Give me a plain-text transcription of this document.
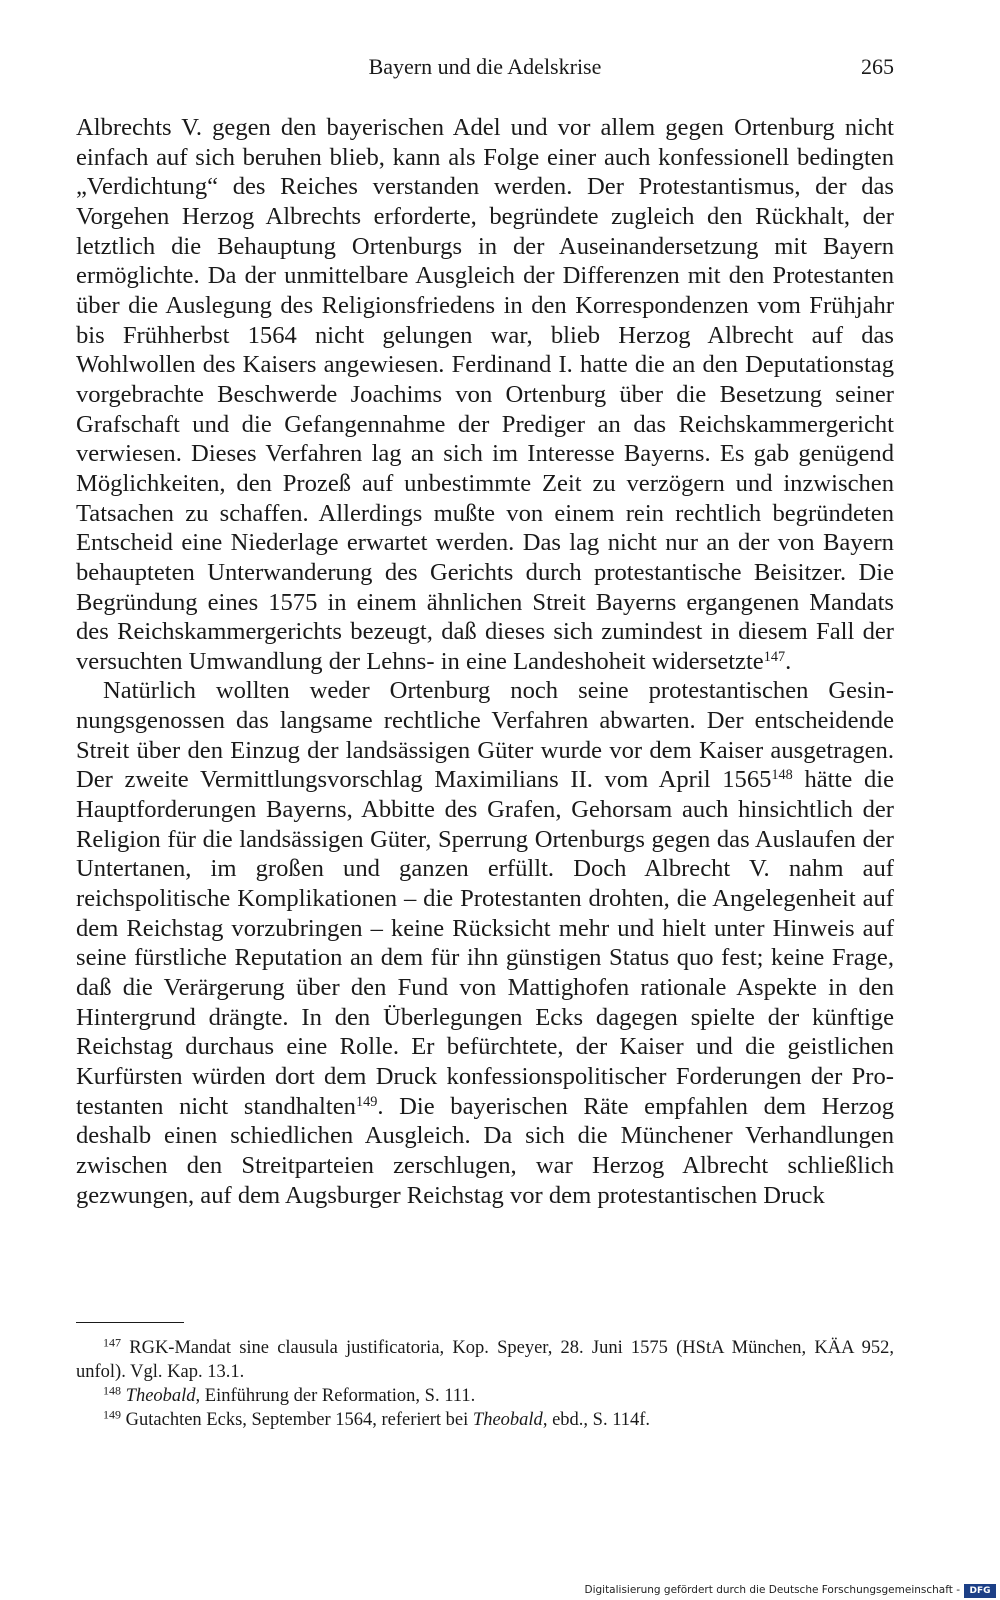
Bayern und die Adelskrise	265

Albrechts V. gegen den bayerischen Adel und vor allem gegen Ortenburg nicht einfach auf sich beruhen blieb, kann als Folge einer auch konfessionell bedingten „Verdichtung“ des Reiches verstanden werden. Der Protestantismus, der das Vorgehen Herzog Albrechts erforderte, begründete zugleich den Rückhalt, der letztlich die Behauptung Ortenburgs in der Auseinandersetzung mit Bayern ermöglichte. Da der unmittelbare Ausgleich der Differenzen mit den Protestanten über die Auslegung des Religionsfriedens in den Korrespondenzen vom Frühjahr bis Frühherbst 1564 nicht gelungen war, blieb Herzog Albrecht auf das Wohlwollen des Kaisers angewiesen. Ferdinand I. hatte die an den Deputationstag vorgebrachte Beschwerde Joachims von Ortenburg über die Besetzung seiner Grafschaft und die Gefangennahme der Prediger an das Reichskammergericht verwiesen. Dieses Verfahren lag an sich im Interesse Bayerns. Es gab genügend Möglichkeiten, den Prozeß auf unbestimmte Zeit zu verzögern und inzwischen Tatsachen zu schaffen. Allerdings mußte von einem rein rechtlich begründeten Entscheid eine Niederlage erwartet werden. Das lag nicht nur an der von Bayern behaupteten Unterwanderung des Gerichts durch protestantische Beisitzer. Die Begründung eines 1575 in einem ähnlichen Streit Bayerns ergangenen Mandats des Reichskammergerichts bezeugt, daß dieses sich zumindest in diesem Fall der versuchten Umwandlung der Lehns- in eine Landeshoheit widersetzte$^{147}$.

Natürlich wollten weder Ortenburg noch seine protestantischen Gesinnungsgenossen das langsame rechtliche Verfahren abwarten. Der entscheidende Streit über den Einzug der landsässigen Güter wurde vor dem Kaiser ausgetragen. Der zweite Vermittlungsvorschlag Maximilians II. vom April 1565$^{148}$ hätte die Hauptforderungen Bayerns, Abbitte des Grafen, Gehorsam auch hinsichtlich der Religion für die landsässigen Güter, Sperrung Ortenburgs gegen das Auslaufen der Untertanen, im großen und ganzen erfüllt. Doch Albrecht V. nahm auf reichspolitische Komplikationen – die Protestanten drohten, die Angelegenheit auf dem Reichstag vorzubringen – keine Rücksicht mehr und hielt unter Hinweis auf seine fürstliche Reputation an dem für ihn günstigen Status quo fest; keine Frage, daß die Verärgerung über den Fund von Mattighofen rationale Aspekte in den Hintergrund drängte. In den Überlegungen Ecks dagegen spielte der künftige Reichstag durchaus eine Rolle. Er befürchtete, der Kaiser und die geistlichen Kurfürsten würden dort dem Druck konfessionspolitischer Forderungen der Protestanten nicht standhalten$^{149}$. Die bayerischen Räte empfahlen dem Herzog deshalb einen schiedlichen Ausgleich. Da sich die Münchener Verhandlungen zwischen den Streitparteien zerschlugen, war Herzog Albrecht schließlich gezwungen, auf dem Augsburger Reichstag vor dem protestantischen Druck

$^{147}$ RGK-Mandat sine clausula justificatoria, Kop. Speyer, 28. Juni 1575 (HStA München, KÄA 952, unfol). Vgl. Kap. 13.1.

$^{148}$ Theobald, Einführung der Reformation, S. 111.

$^{149}$ Gutachten Ecks, September 1564, referiert bei Theobald, ebd., S. 114f.

Digitalisierung gefördert durch die Deutsche Forschungsgemeinschaft -	DFG
